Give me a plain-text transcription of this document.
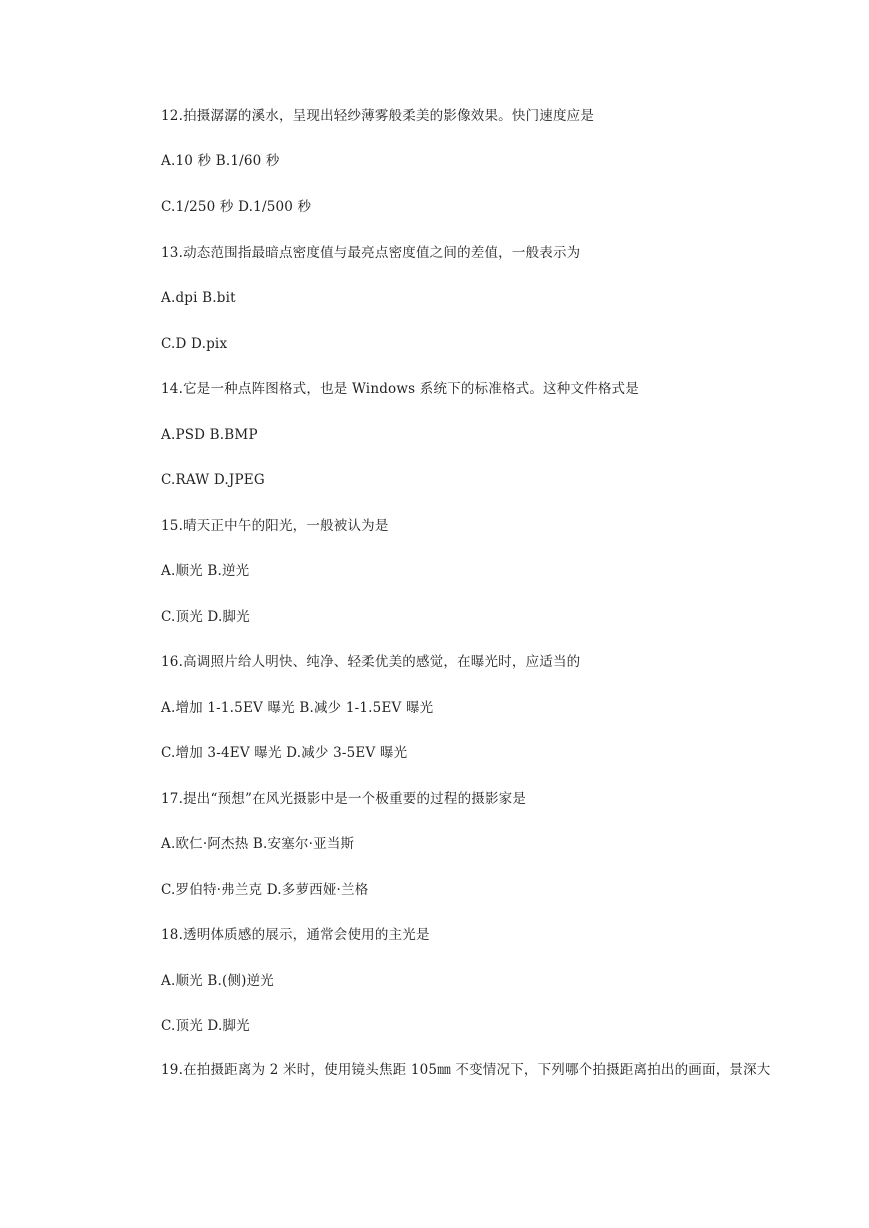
12.拍摄潺潺的溪水，呈现出轻纱薄雾般柔美的影像效果。快门速度应是
A.10 秒 B.1/60 秒
C.1/250 秒 D.1/500 秒
13.动态范围指最暗点密度值与最亮点密度值之间的差值，一般表示为
A.dpi B.bit
C.D D.pix
14.它是一种点阵图格式，也是 Windows 系统下的标准格式。这种文件格式是
A.PSD B.BMP
C.RAW D.JPEG
15.晴天正中午的阳光，一般被认为是
A.顺光 B.逆光
C.顶光 D.脚光
16.高调照片给人明快、纯净、轻柔优美的感觉，在曝光时，应适当的
A.增加 1-1.5EV 曝光 B.减少 1-1.5EV 曝光
C.增加 3-4EV 曝光 D.减少 3-5EV 曝光
17.提出“预想”在风光摄影中是一个极重要的过程的摄影家是
A.欧仁·阿杰热 B.安塞尔·亚当斯
C.罗伯特·弗兰克 D.多萝西娅·兰格
18.透明体质感的展示，通常会使用的主光是
A.顺光 B.(侧)逆光
C.顶光 D.脚光

19.在拍摄距离为 2 米时，使用镜头焦距 105㎜ 不变情况下，下列哪个拍摄距离拍出的画面，景深大
